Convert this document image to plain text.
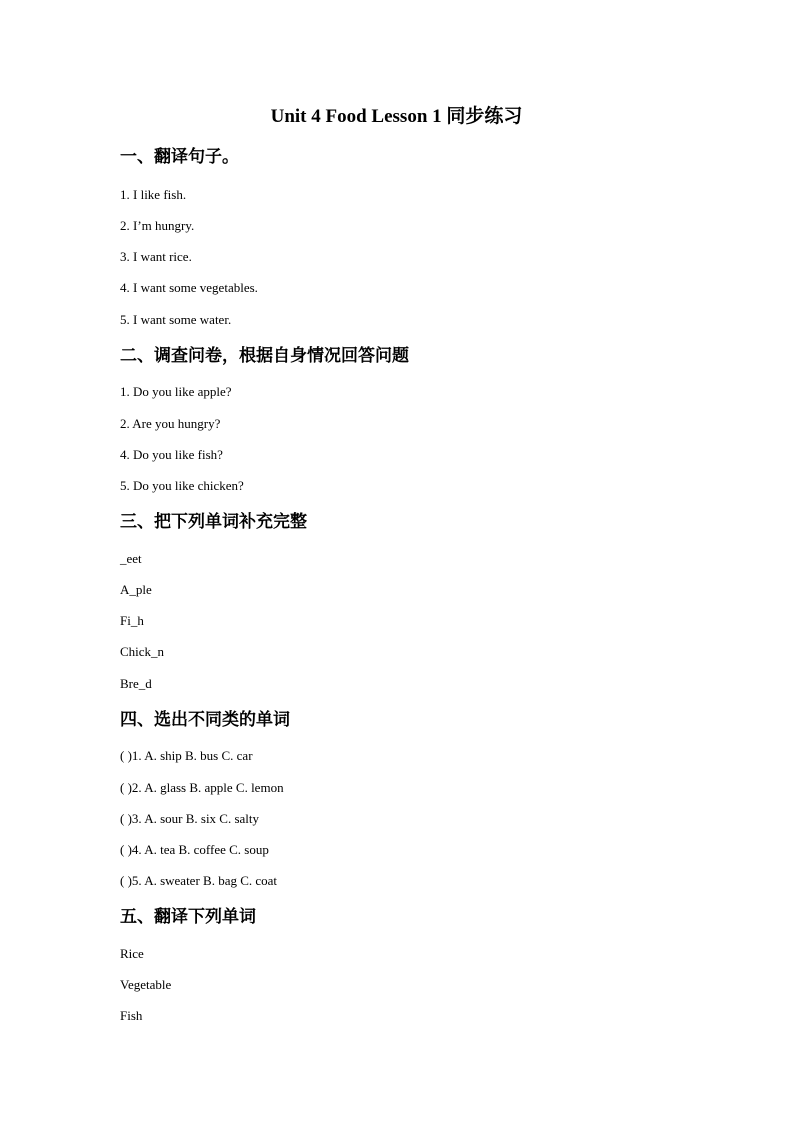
Unit 4 Food Lesson 1 同步练习
一、翻译句子。
1. I like fish.
2. I’m hungry.
3. I want rice.
4. I want some vegetables.
5. I want some water.
二、调查问卷，根据自身情况回答问题
1. Do you like apple?
2. Are you hungry?
4. Do you like fish?
5. Do you like chicken?
三、把下列单词补充完整
_eet
A_ple
Fi_h
Chick_n
Bre_d
四、选出不同类的单词
( )1. A. ship B. bus C. car
( )2. A. glass B. apple C. lemon
( )3. A. sour B. six C. salty
( )4. A. tea B. coffee C. soup
( )5. A. sweater B. bag C. coat
五、翻译下列单词
Rice
Vegetable
Fish
